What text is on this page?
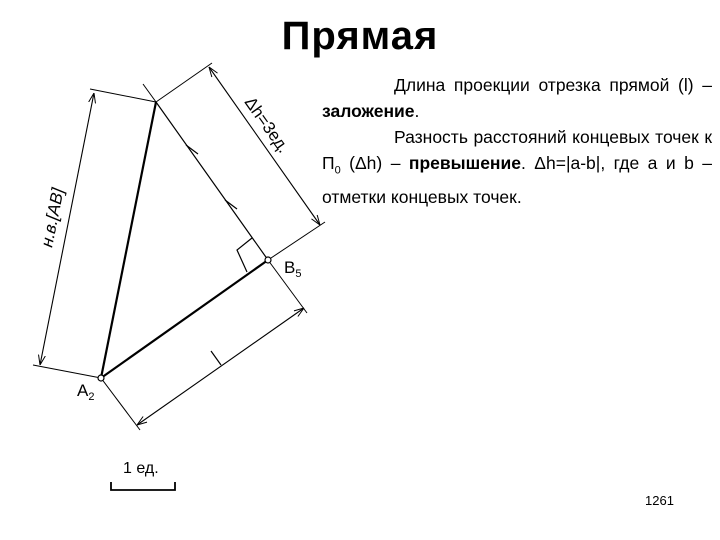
Прямая

Длина проекции отрезка прямой (l) – заложение.

Разность расстояний концевых точек к $П_0$ (Δh) – превышение. Δh=|a-b|, где a и b – отметки концевых точек.

$A_2$
$B_5$
н.в.[AB]
Δh=3ед.
1 ед.
1261
